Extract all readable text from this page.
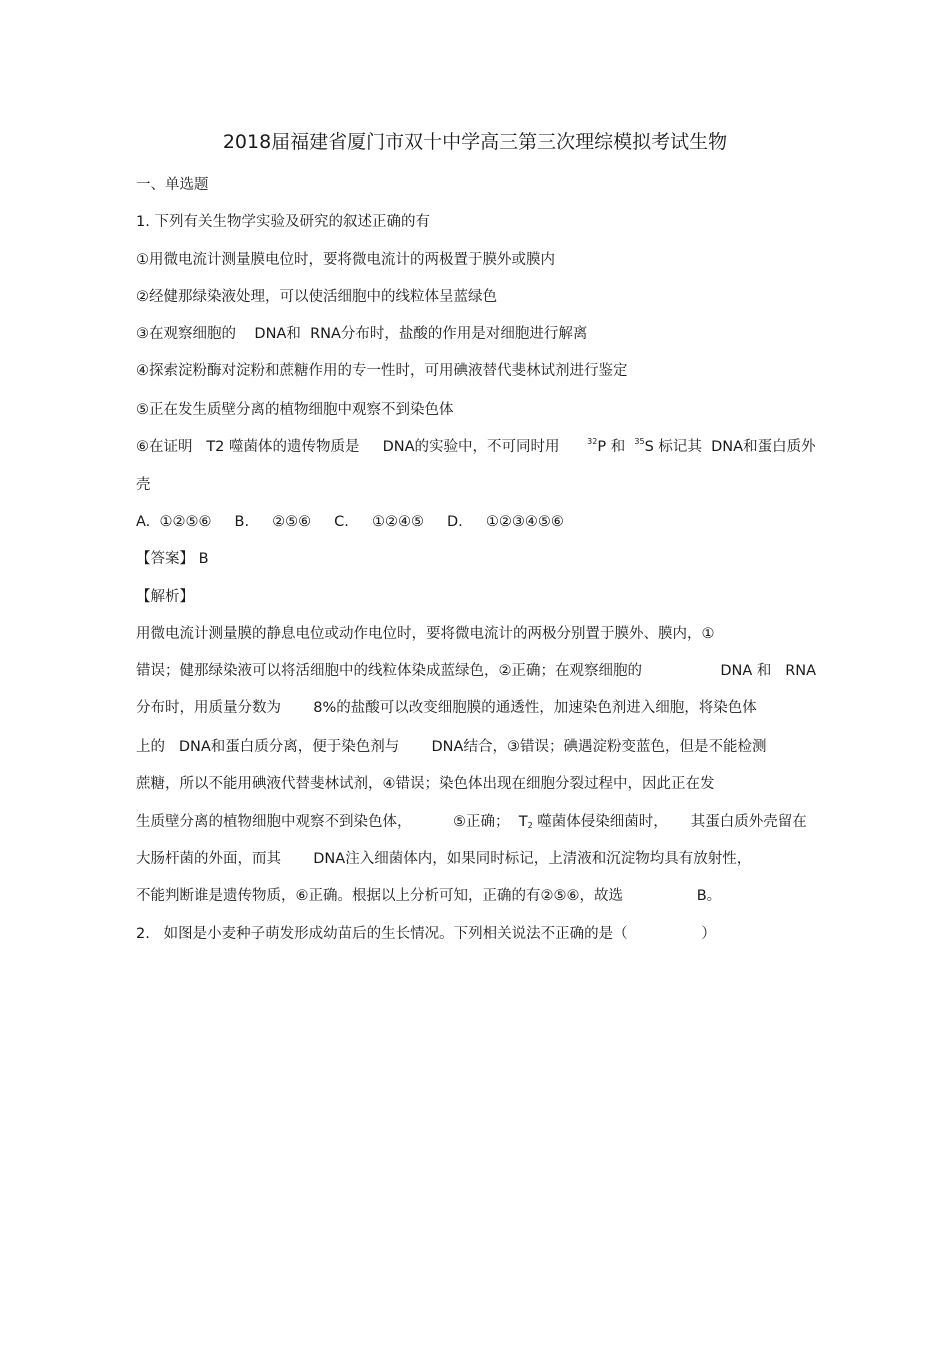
2018届福建省厦门市双十中学高三第三次理综模拟考试生物
一、单选题
1. 下列有关生物学实验及研究的叙述正确的有
①用微电流计测量膜电位时，要将微电流计的两极置于膜外或膜内
②经健那绿染液处理，可以使活细胞中的线粒体呈蓝绿色
③在观察细胞的    DNA和  RNA分布时，盐酸的作用是对细胞进行解离
④探索淀粉酶对淀粉和蔗糖作用的专一性时，可用碘液替代斐林试剂进行鉴定
⑤正在发生质壁分离的植物细胞中观察不到染色体
⑥在证明   T2 噬菌体的遗传物质是     DNA的实验中，不可同时用      $^{32}$P 和  $^{35}$S 标记其  DNA和蛋白质外
壳
A.  ①②⑤⑥     B.     ②⑤⑥     C.     ①②④⑤     D.     ①②③④⑤⑥
【答案】 B
【解析】
用微电流计测量膜的静息电位或动作电位时，要将微电流计的两极分别置于膜外、膜内，①
错误；健那绿染液可以将活细胞中的线粒体染成蓝绿色，②正确；在观察细胞的                 DNA 和   RNA
分布时，用质量分数为       8%的盐酸可以改变细胞膜的通透性，加速染色剂进入细胞，将染色体
上的   DNA和蛋白质分离，便于染色剂与       DNA结合，③错误；碘遇淀粉变蓝色，但是不能检测
蔗糖，所以不能用碘液代替斐林试剂，④错误；染色体出现在细胞分裂过程中，因此正在发
生质壁分离的植物细胞中观察不到染色体，         ⑤正确；  $T_2$ 噬菌体侵染细菌时，     其蛋白质外壳留在
大肠杆菌的外面，而其       DNA注入细菌体内，如果同时标记，上清液和沉淀物均具有放射性，
不能判断谁是遗传物质，⑥正确。根据以上分析可知，正确的有②⑤⑥，故选                B。
2.   如图是小麦种子萌发形成幼苗后的生长情况。下列相关说法不正确的是（                ）
